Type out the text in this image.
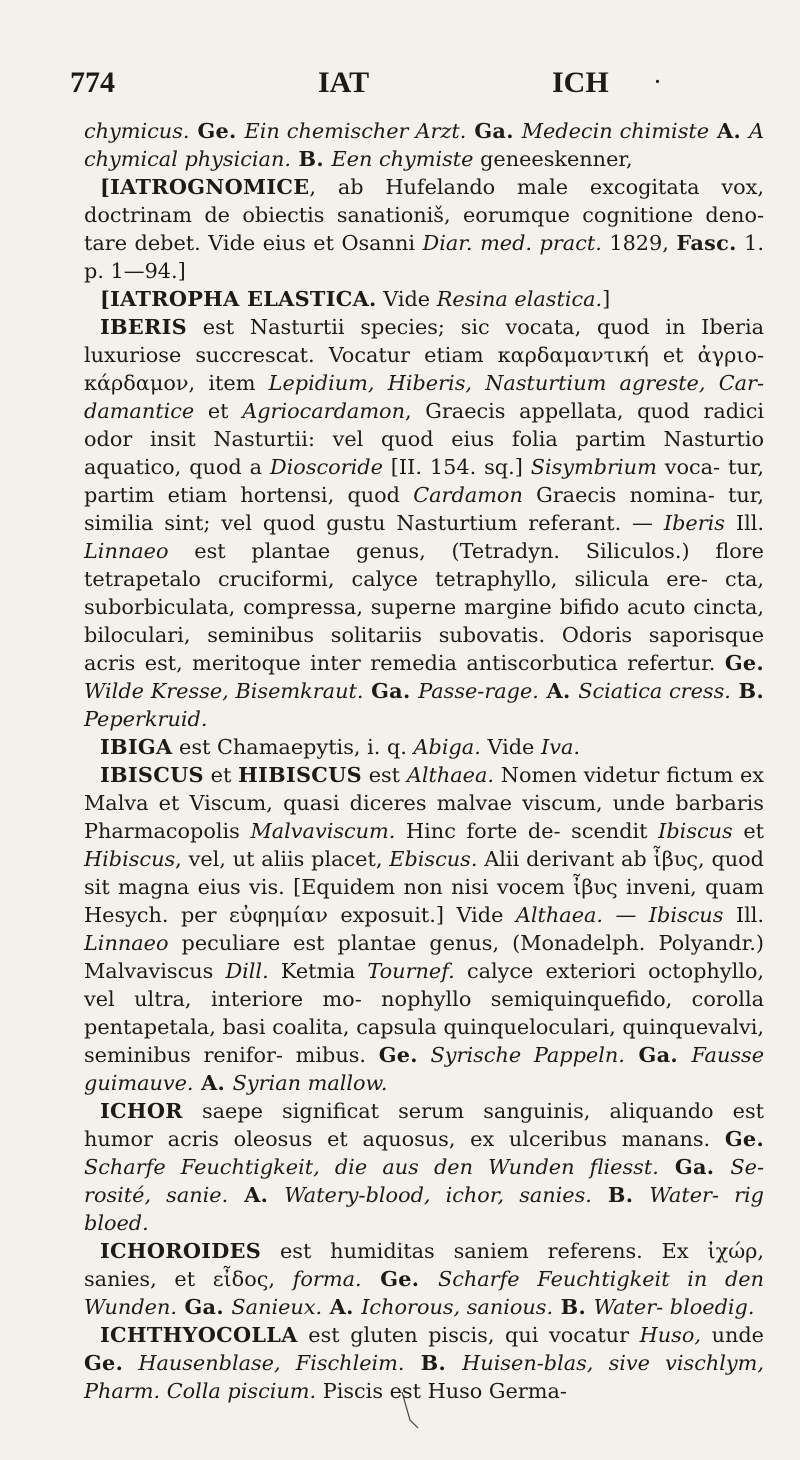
774	IAT	ICH .

chymicus. Ge. Ein chemischer Arzt. Ga. Medecin chimiste A. A chymical physician. B. Een chymiste geneeskenner,

[IATROGNOMICE, ab Hufelando male excogitata vox, doctrinam de obiectis sanationiš, eorumque cognitione deno- tare debet. Vide eius et Osanni Diar. med. pract. 1829, Fasc. 1. p. 1—94.]

[IATROPHA ELASTICA. Vide Resina elastica.]

IBERIS est Nasturtii species; sic vocata, quod in Iberia luxuriose succrescat. Vocatur etiam καρδαμαντική et ἀγριο- κάρδαμον, item Lepidium, Hiberis, Nasturtium agreste, Car- damantice et Agriocardamon, Graecis appellata, quod radici odor insit Nasturtii: vel quod eius folia partim Nasturtio aquatico, quod a Dioscoride [II. 154. sq.] Sisymbrium voca- tur, partim etiam hortensi, quod Cardamon Graecis nomina- tur, similia sint; vel quod gustu Nasturtium referant. — Iberis Ill. Linnaeo est plantae genus, (Tetradyn. Siliculos.) flore tetrapetalo cruciformi, calyce tetraphyllo, silicula ere- cta, suborbiculata, compressa, superne margine bifido acuto cincta, biloculari, seminibus solitariis subovatis. Odoris saporisque acris est, meritoque inter remedia antiscorbutica refertur. Ge. Wilde Kresse, Bisemkraut. Ga. Passe-rage. A. Sciatica cress. B. Peperkruid.

IBIGA est Chamaepytis, i. q. Abiga. Vide Iva.

IBISCUS et HIBISCUS est Althaea. Nomen videtur fictum ex Malva et Viscum, quasi diceres malvae viscum, unde barbaris Pharmacopolis Malvaviscum. Hinc forte de- scendit Ibiscus et Hibiscus, vel, ut aliis placet, Ebiscus. Alii derivant ab ἶβυς, quod sit magna eius vis. [Equidem non nisi vocem ἶβυς inveni, quam Hesych. per εὐφημίαν exposuit.] Vide Althaea. — Ibiscus Ill. Linnaeo peculiare est plantae genus, (Monadelph. Polyandr.) Malvaviscus Dill. Ketmia Tournef. calyce exteriori octophyllo, vel ultra, interiore mo- nophyllo semiquinquefido, corolla pentapetala, basi coalita, capsula quinqueloculari, quinquevalvi, seminibus renifor- mibus. Ge. Syrische Pappeln. Ga. Fausse guimauve. A. Syrian mallow.

ICHOR saepe significat serum sanguinis, aliquando est humor acris oleosus et aquosus, ex ulceribus manans. Ge. Scharfe Feuchtigkeit, die aus den Wunden fliesst. Ga. Se- rosité, sanie. A. Watery-blood, ichor, sanies. B. Water- rig bloed.

ICHOROIDES est humiditas saniem referens. Ex ἰχώρ, sanies, et εἶδος, forma. Ge. Scharfe Feuchtigkeit in den Wunden. Ga. Sanieux. A. Ichorous, sanious. B. Water- bloedig.

ICHTHYOCOLLA est gluten piscis, qui vocatur Huso, unde Ge. Hausenblase, Fischleim. B. Huisen-blas, sive vischlym, Pharm. Colla piscium. Piscis est Huso Germa-
